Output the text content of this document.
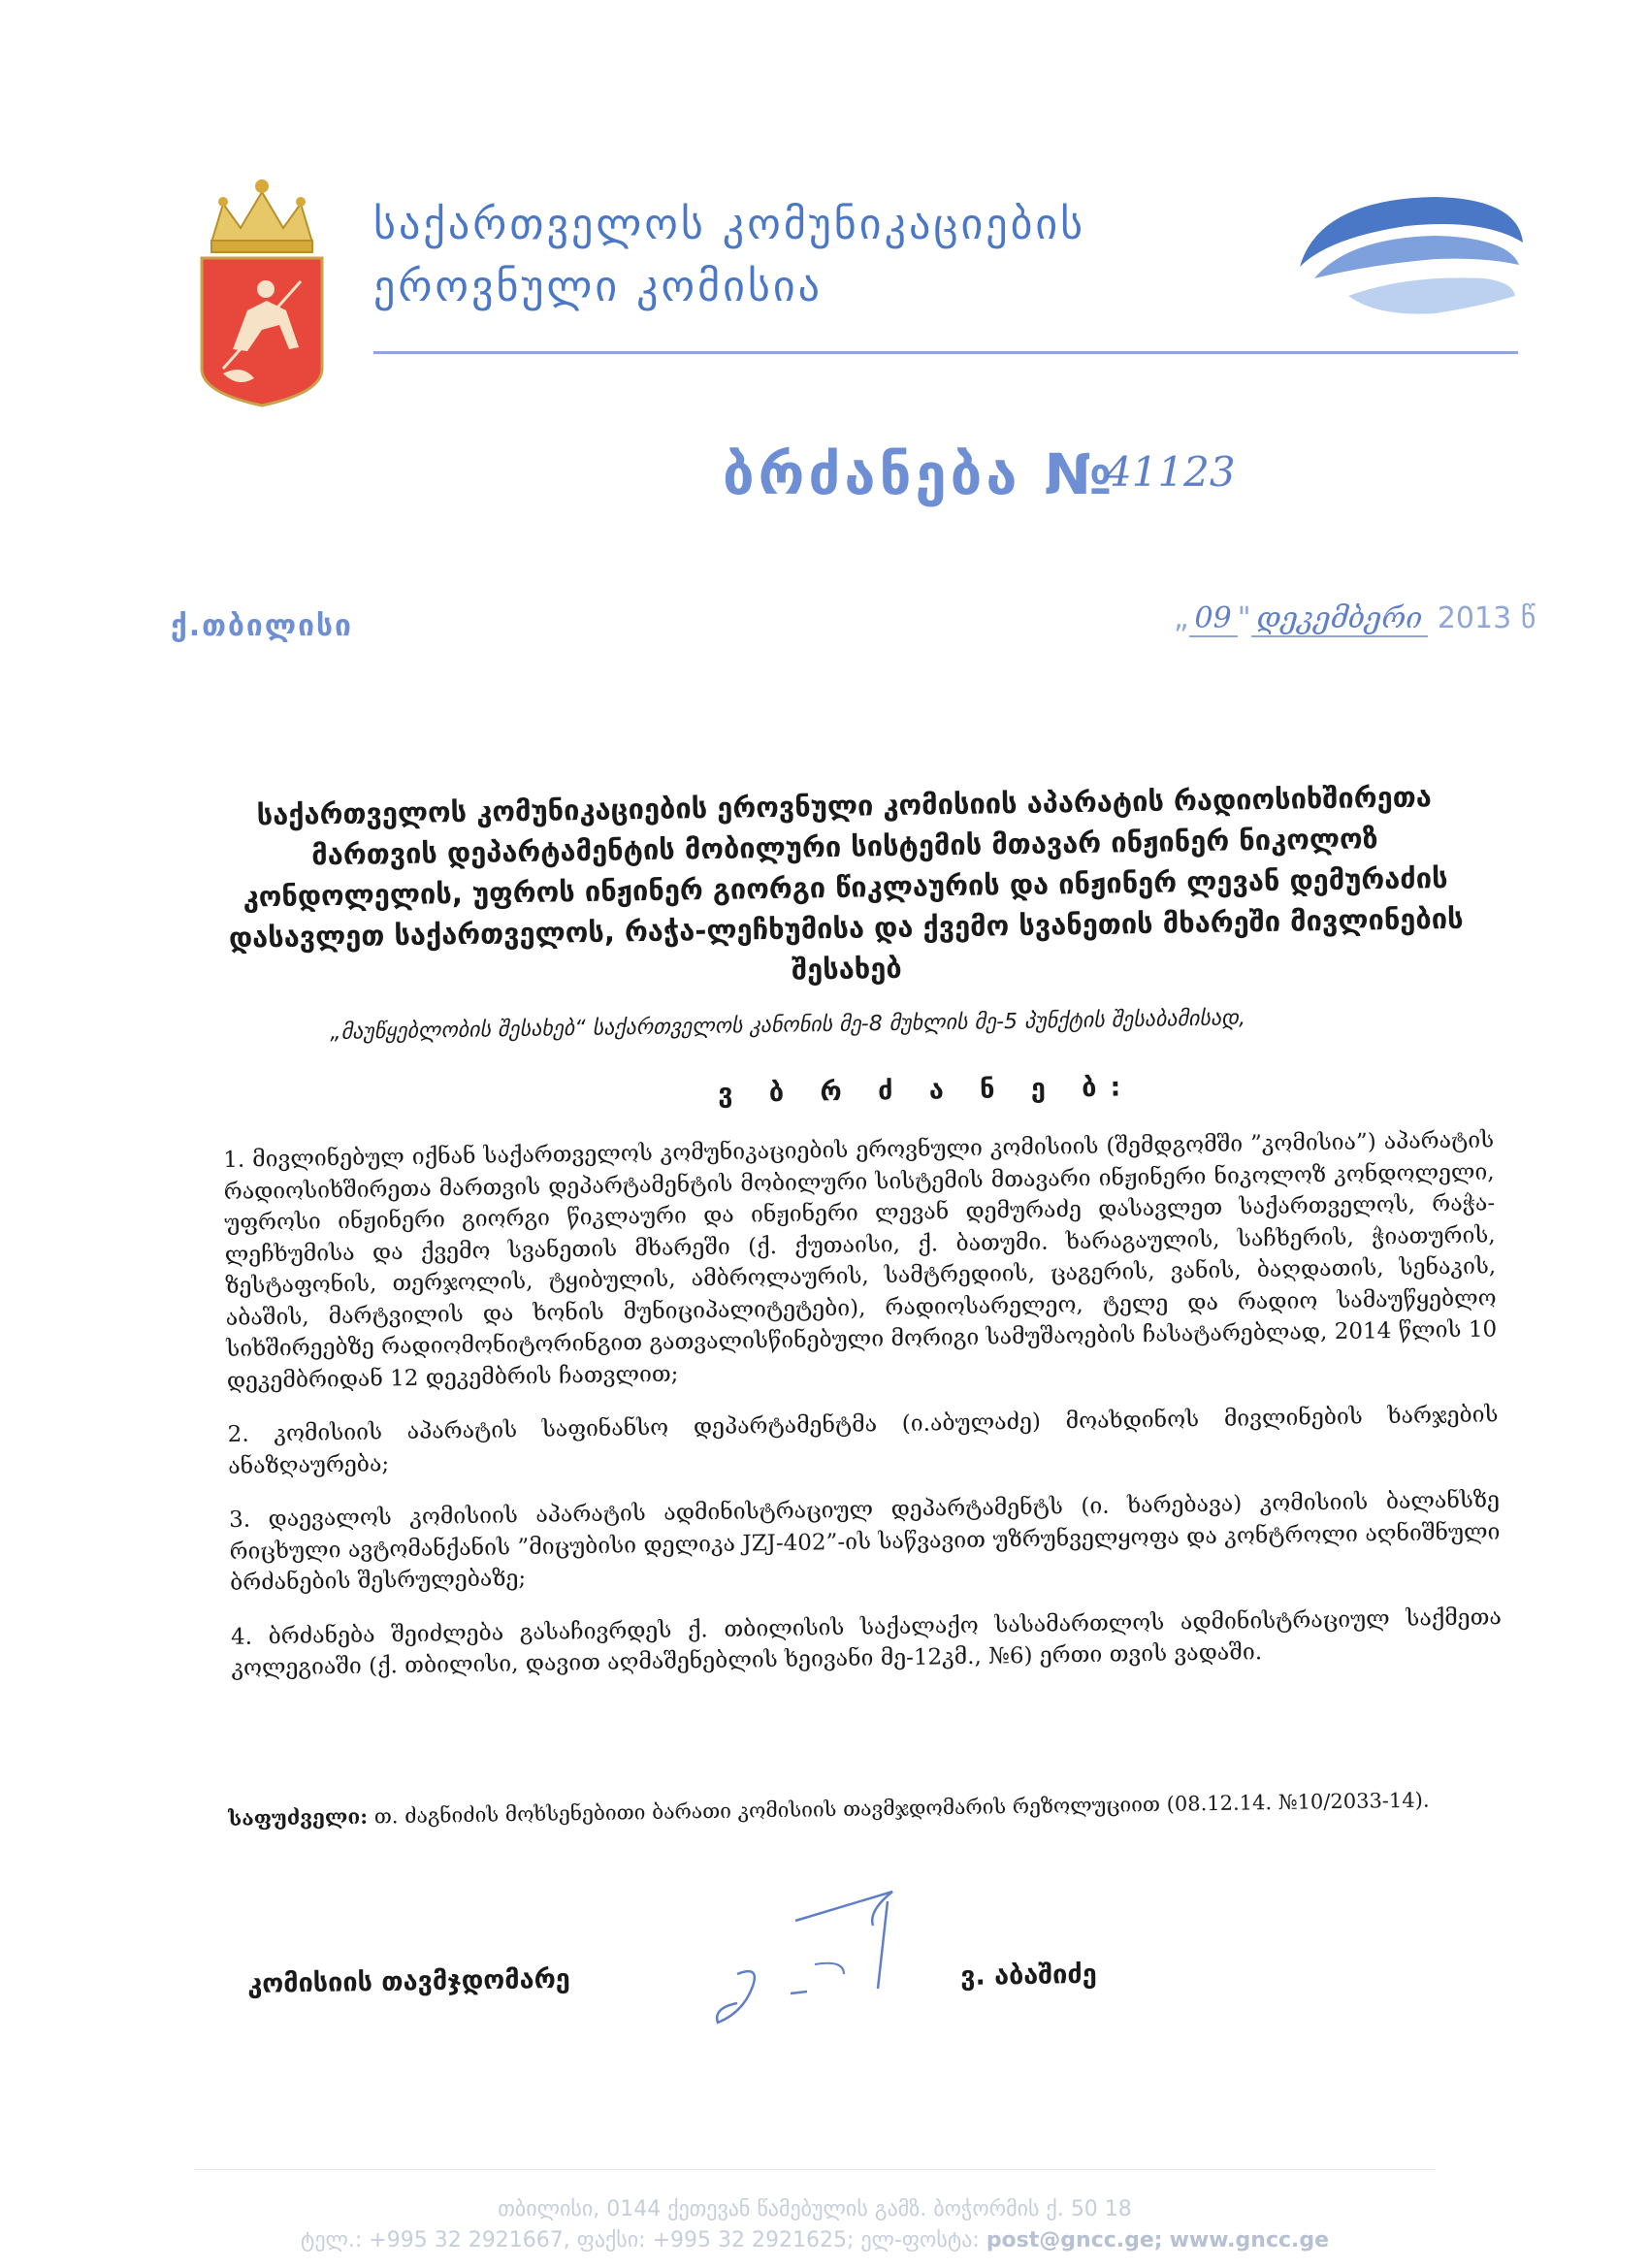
საქართველოს კომუნიკაციების
ეროვნული კომისია
ბრძანება №
41123
ქ.თბილისი	„ 09 " დეკემბერი 2013 წ
საქართველოს კომუნიკაციების ეროვნული კომისიის აპარატის რადიოსიხშირეთა მართვის დეპარტამენტის მობილური სისტემის მთავარ ინჟინერ ნიკოლოზ კონდოლელის, უფროს ინჟინერ გიორგი წიკლაურის და ინჟინერ ლევან დემურაძის დასავლეთ საქართველოს, რაჭა-ლეჩხუმისა და ქვემო სვანეთის მხარეში მივლინების შესახებ
„მაუწყებლობის შესახებ“ საქართველოს კანონის მე-8 მუხლის მე-5 პუნქტის შესაბამისად,
ვ ბ რ ძ ა ნ ე ბ:

1. მივლინებულ იქნან საქართველოს კომუნიკაციების ეროვნული კომისიის (შემდგომში ”კომისია”) აპარატის რადიოსიხშირეთა მართვის დეპარტამენტის მობილური სისტემის მთავარი ინჟინერი ნიკოლოზ კონდოლელი, უფროსი ინჟინერი გიორგი წიკლაური და ინჟინერი ლევან დემურაძე დასავლეთ საქართველოს, რაჭა-ლეჩხუმისა და ქვემო სვანეთის მხარეში (ქ. ქუთაისი, ქ. ბათუმი. ხარაგაულის, საჩხერის, ჭიათურის, ზესტაფონის, თერჯოლის, ტყიბულის, ამბროლაურის, სამტრედიის, ცაგერის, ვანის, ბაღდათის, სენაკის, აბაშის, მარტვილის და ხონის მუნიციპალიტეტები), რადიოსარელეო, ტელე და რადიო სამაუწყებლო სიხშირეებზე რადიომონიტორინგით გათვალისწინებული მორიგი სამუშაოების ჩასატარებლად, 2014 წლის 10 დეკემბრიდან 12 დეკემბრის ჩათვლით;

2. კომისიის აპარატის საფინანსო დეპარტამენტმა (ი.აბულაძე) მოახდინოს მივლინების ხარჯების ანაზღაურება;

3. დაევალოს კომისიის აპარატის ადმინისტრაციულ დეპარტამენტს (ი. ხარებავა) კომისიის ბალანსზე რიცხული ავტომანქანის ”მიცუბისი დელიკა JZJ-402”-ის საწვავით უზრუნველყოფა და კონტროლი აღნიშნული ბრძანების შესრულებაზე;

4. ბრძანება შეიძლება გასაჩივრდეს ქ. თბილისის საქალაქო სასამართლოს ადმინისტრაციულ საქმეთა კოლეგიაში (ქ. თბილისი, დავით აღმაშენებლის ხეივანი მე-12კმ., №6) ერთი თვის ვადაში.

საფუძველი: თ. ძაგნიძის მოხსენებითი ბარათი კომისიის თავმჯდომარის რეზოლუციით (08.12.14. №10/2033-14).
კომისიის თავმჯდომარე	ვ. აბაშიძე
თბილისი, 0144 ქეთევან წამებულის გამზ. ბოჭორმის ქ. 50 18
ტელ.: +995 32 2921667, ფაქსი: +995 32 2921625; ელ-ფოსტა: post@gncc.ge; www.gncc.ge
